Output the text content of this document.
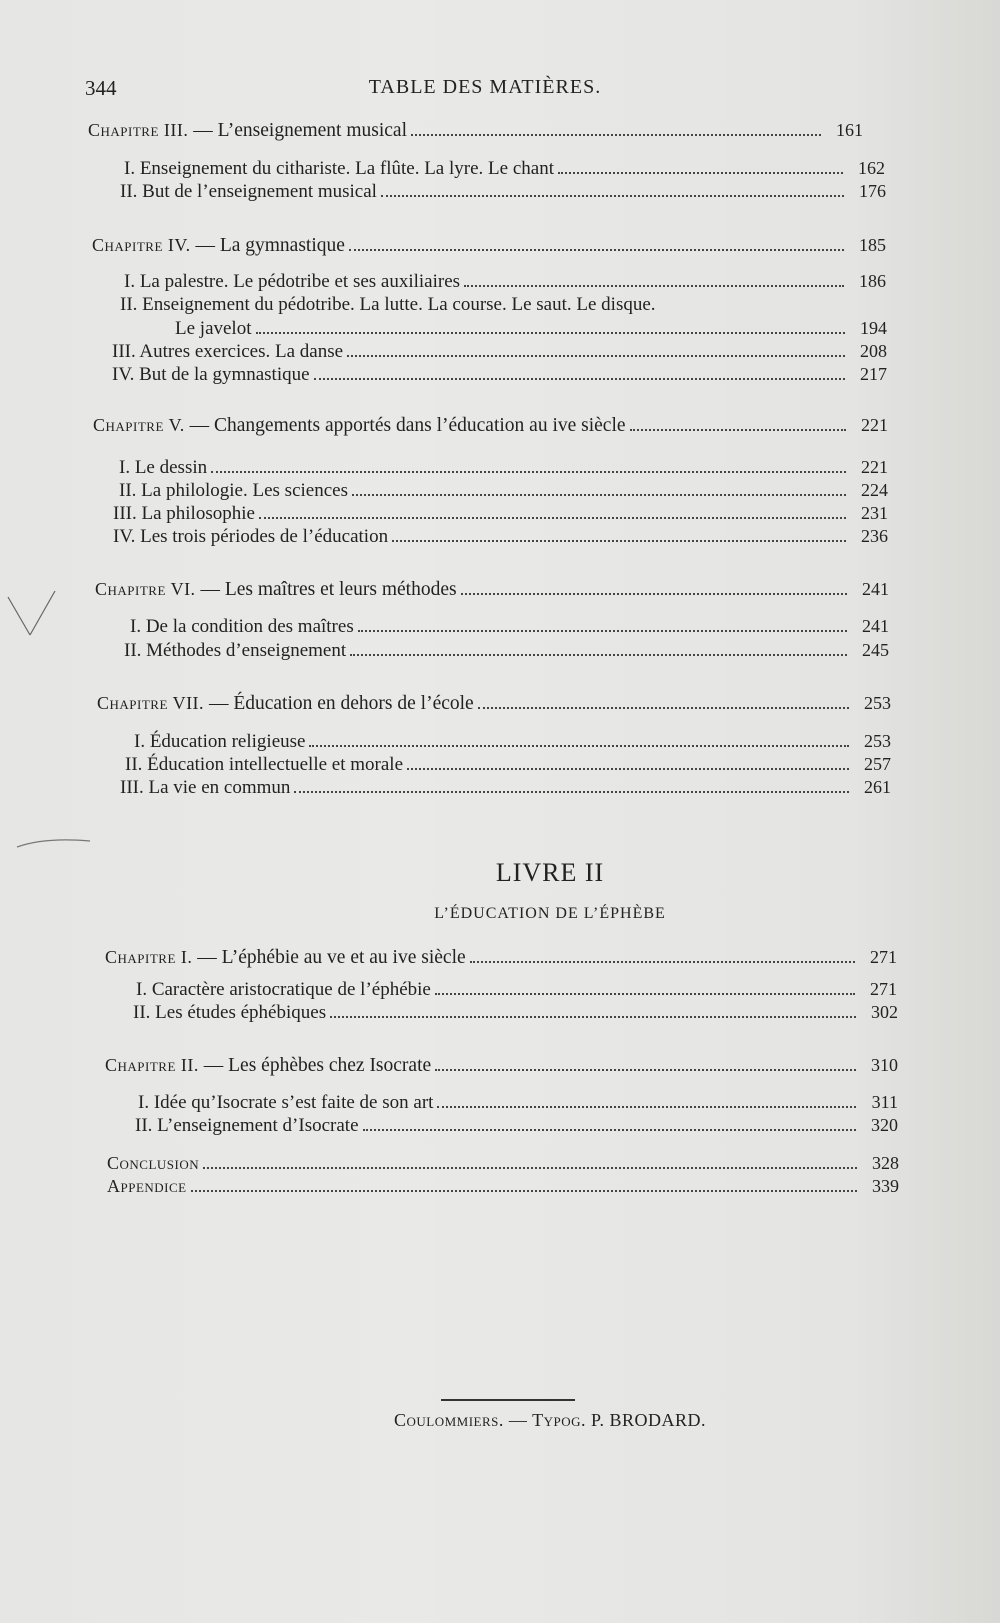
344	TABLE DES MATIÈRES.
Chapitre III. — L’enseignement musical	161
I. Enseignement du cithariste. La flûte. La lyre. Le chant	162
II. But de l’enseignement musical	176
Chapitre IV. — La gymnastique	185
I. La palestre. Le pédotribe et ses auxiliaires	186
II. Enseignement du pédotribe. La lutte. La course. Le saut. Le disque.
Le javelot	194
III. Autres exercices. La danse	208
IV. But de la gymnastique	217
Chapitre V. — Changements apportés dans l’éducation au ive siècle	221
I. Le dessin	221
II. La philologie. Les sciences	224
III. La philosophie	231
IV. Les trois périodes de l’éducation	236
Chapitre VI. — Les maîtres et leurs méthodes	241
I. De la condition des maîtres	241
II. Méthodes d’enseignement	245
Chapitre VII. — Éducation en dehors de l’école	253
I. Éducation religieuse	253
II. Éducation intellectuelle et morale	257
III. La vie en commun	261
LIVRE II
L’ÉDUCATION DE L’ÉPHÈBE
Chapitre I. — L’éphébie au ve et au ive siècle	271
I. Caractère aristocratique de l’éphébie	271
II. Les études éphébiques	302
Chapitre II. — Les éphèbes chez Isocrate	310
I. Idée qu’Isocrate s’est faite de son art	311
II. L’enseignement d’Isocrate	320
Conclusion	328
Appendice	339
Coulommiers. — Typog. P. BRODARD.
